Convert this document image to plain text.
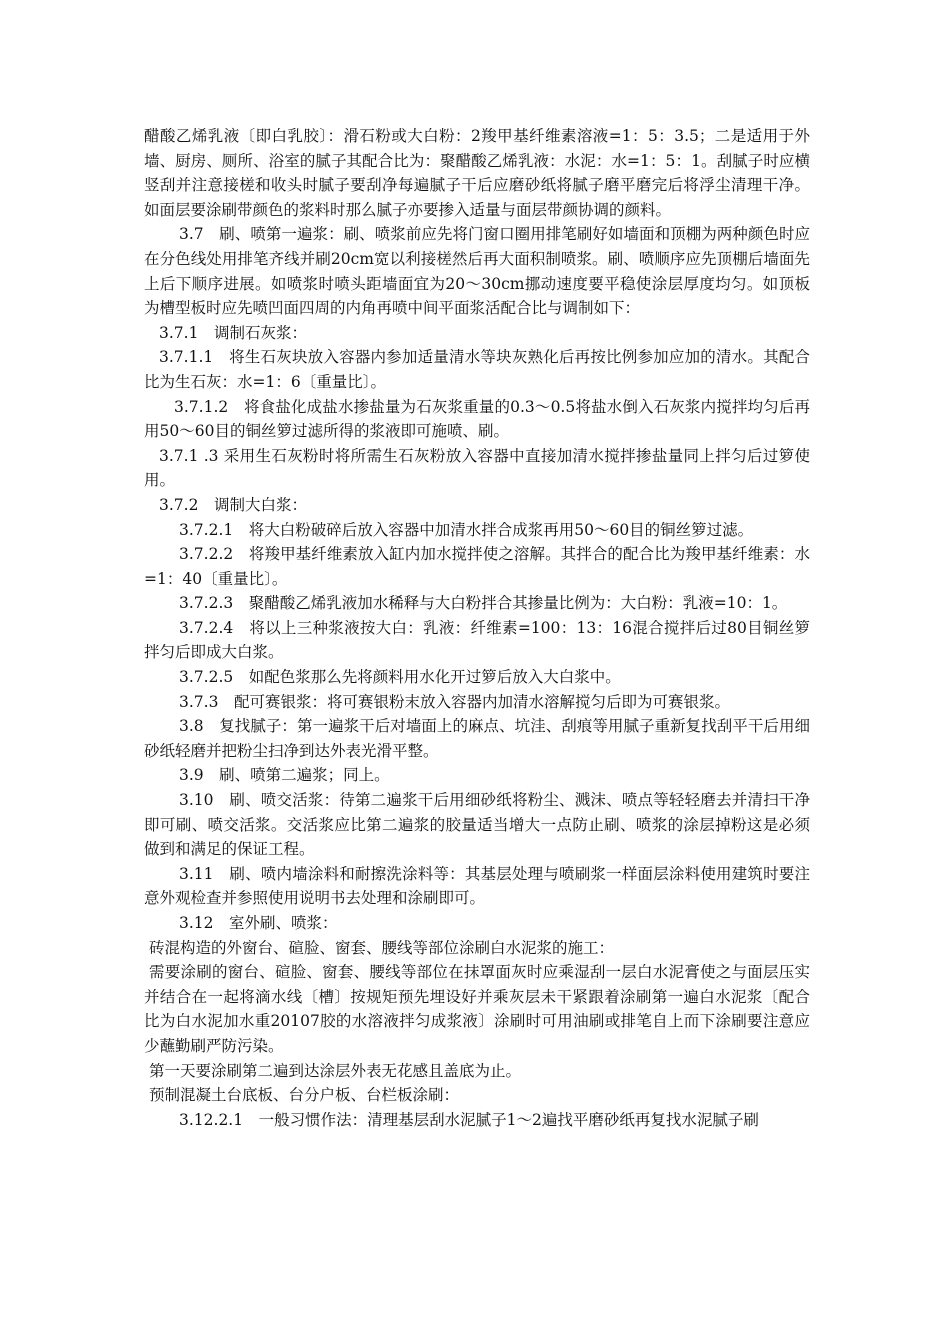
醋酸乙烯乳液〔即白乳胶〕：滑石粉或大白粉：2羧甲基纤维素溶液=1：5：3.5；二是适用于外墙、厨房、厕所、浴室的腻子其配合比为：聚醋酸乙烯乳液：水泥：水=1：5：1。刮腻子时应横竖刮并注意接槎和收头时腻子要刮净每遍腻子干后应磨砂纸将腻子磨平磨完后将浮尘清理干净。如面层要涂刷带颜色的浆料时那么腻子亦要掺入适量与面层带颜协调的颜料。

3.7　刷、喷第一遍浆：刷、喷浆前应先将门窗口圈用排笔刷好如墙面和顶棚为两种颜色时应在分色线处用排笔齐线并刷20cm宽以利接槎然后再大面积制喷浆。刷、喷顺序应先顶棚后墙面先上后下顺序进展。如喷浆时喷头距墙面宜为20～30cm挪动速度要平稳使涂层厚度均匀。如顶板为槽型板时应先喷凹面四周的内角再喷中间平面浆活配合比与调制如下：

3.7.1　调制石灰浆：

3.7.1.1　将生石灰块放入容器内参加适量清水等块灰熟化后再按比例参加应加的清水。其配合比为生石灰：水=1：6〔重量比〕。

3.7.1.2　将食盐化成盐水掺盐量为石灰浆重量的0.3～0.5将盐水倒入石灰浆内搅拌均匀后再用50～60目的铜丝箩过滤所得的浆液即可施喷、刷。

3.7.1 .3 采用生石灰粉时将所需生石灰粉放入容器中直接加清水搅拌掺盐量同上拌匀后过箩使用。

3.7.2　调制大白浆：

3.7.2.1　将大白粉破碎后放入容器中加清水拌合成浆再用50～60目的铜丝箩过滤。

3.7.2.2　将羧甲基纤维素放入缸内加水搅拌使之溶解。其拌合的配合比为羧甲基纤维素：水=1：40〔重量比〕。

3.7.2.3　聚醋酸乙烯乳液加水稀释与大白粉拌合其掺量比例为：大白粉：乳液=10：1。

3.7.2.4　将以上三种浆液按大白：乳液：纤维素=100：13：16混合搅拌后过80目铜丝箩拌匀后即成大白浆。

3.7.2.5　如配色浆那么先将颜料用水化开过箩后放入大白浆中。

3.7.3　配可赛银浆：将可赛银粉末放入容器内加清水溶解搅匀后即为可赛银浆。

3.8　复找腻子：第一遍浆干后对墙面上的麻点、坑洼、刮痕等用腻子重新复找刮平干后用细砂纸轻磨并把粉尘扫净到达外表光滑平整。

3.9　刷、喷第二遍浆；同上。

3.10　刷、喷交活浆：待第二遍浆干后用细砂纸将粉尘、溅沫、喷点等轻轻磨去并清扫干净即可刷、喷交活浆。交活浆应比第二遍浆的胶量适当增大一点防止刷、喷浆的涂层掉粉这是必须做到和满足的保证工程。

3.11　刷、喷内墙涂料和耐擦洗涂料等：其基层处理与喷刷浆一样面层涂料使用建筑时要注意外观检查并参照使用说明书去处理和涂刷即可。

3.12　室外刷、喷浆：

砖混构造的外窗台、碹脸、窗套、腰线等部位涂刷白水泥浆的施工：

需要涂刷的窗台、碹脸、窗套、腰线等部位在抹罩面灰时应乘湿刮一层白水泥膏使之与面层压实并结合在一起将滴水线〔槽〕按规矩预先埋设好并乘灰层未干紧跟着涂刷第一遍白水泥浆〔配合比为白水泥加水重20107胶的水溶液拌匀成浆液〕涂刷时可用油刷或排笔自上而下涂刷要注意应少蘸勤刷严防污染。

第一天要涂刷第二遍到达涂层外表无花感且盖底为止。

预制混凝土台底板、台分户板、台栏板涂刷：

3.12.2.1　一般习惯作法：清理基层刮水泥腻子1～2遍找平磨砂纸再复找水泥腻子刷
